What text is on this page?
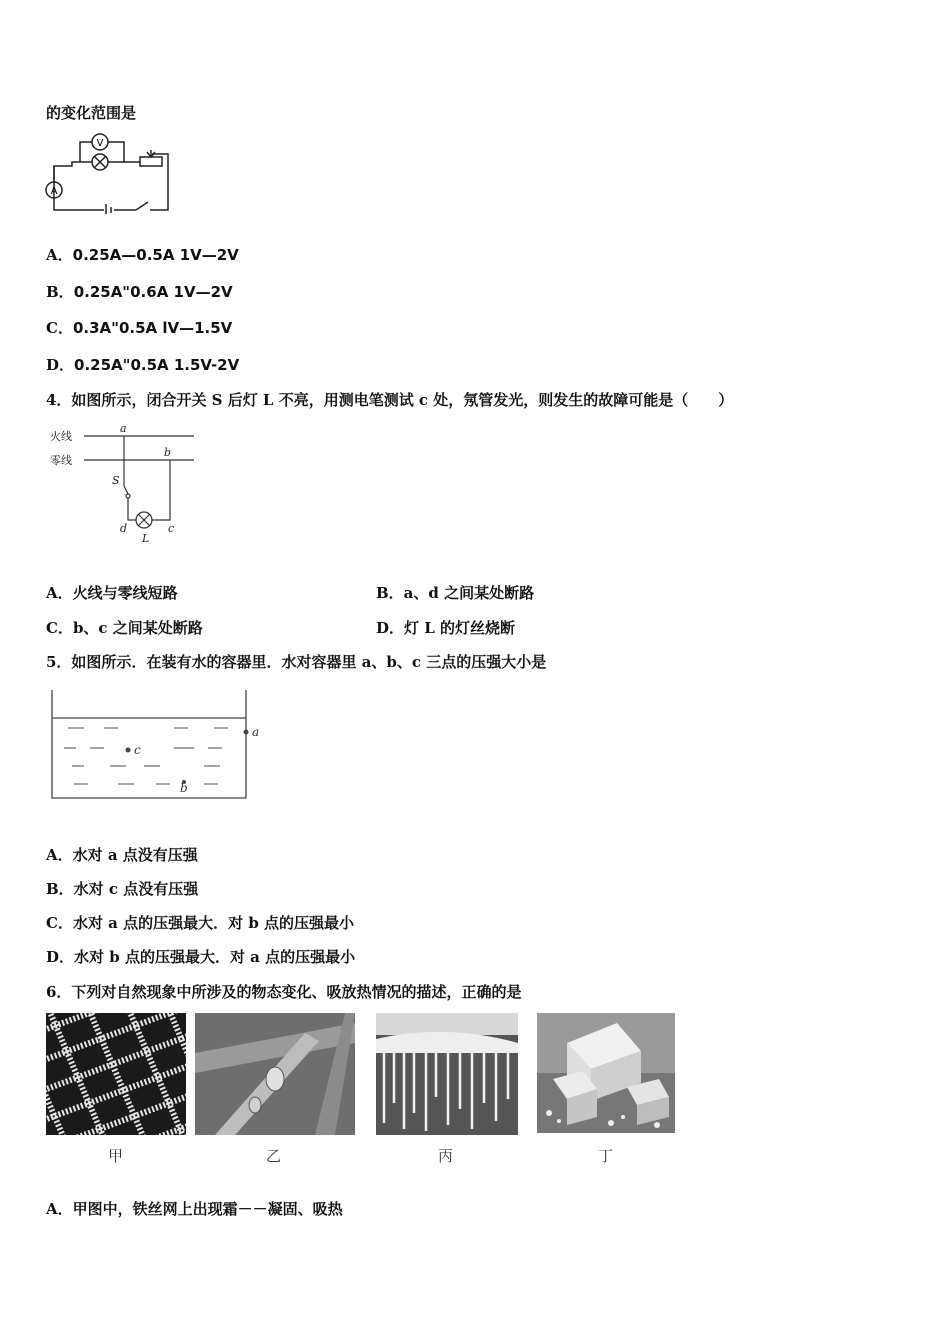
的变化范围是
A
V
A．0.25A—0.5A 1V—2V
B．0.25A"0.6A 1V—2V
C．0.3A"0.5A lV—1.5V
D．0.25A"0.5A 1.5V-2V
4．如图所示，闭合开关 S 后灯 L 不亮，用测电笔测试 c 处，氖管发光，则发生的故障可能是（　　）
火线
零线
a
b
S
d
L
c
A．火线与零线短路	B．a、d 之间某处断路
C．b、c 之间某处断路	D．灯 L 的灯丝烧断
5．如图所示．在装有水的容器里．水对容器里 a、b、c 三点的压强大小是
a
c
b
A．水对 a 点没有压强
B．水对 c 点没有压强
C．水对 a 点的压强最大．对 b 点的压强最小
D．水对 b 点的压强最大．对 a 点的压强最小
6．下列对自然现象中所涉及的物态变化、吸放热情况的描述，正确的是
甲	乙	丙	丁
A．甲图中，铁丝网上出现霜－－凝固、吸热
